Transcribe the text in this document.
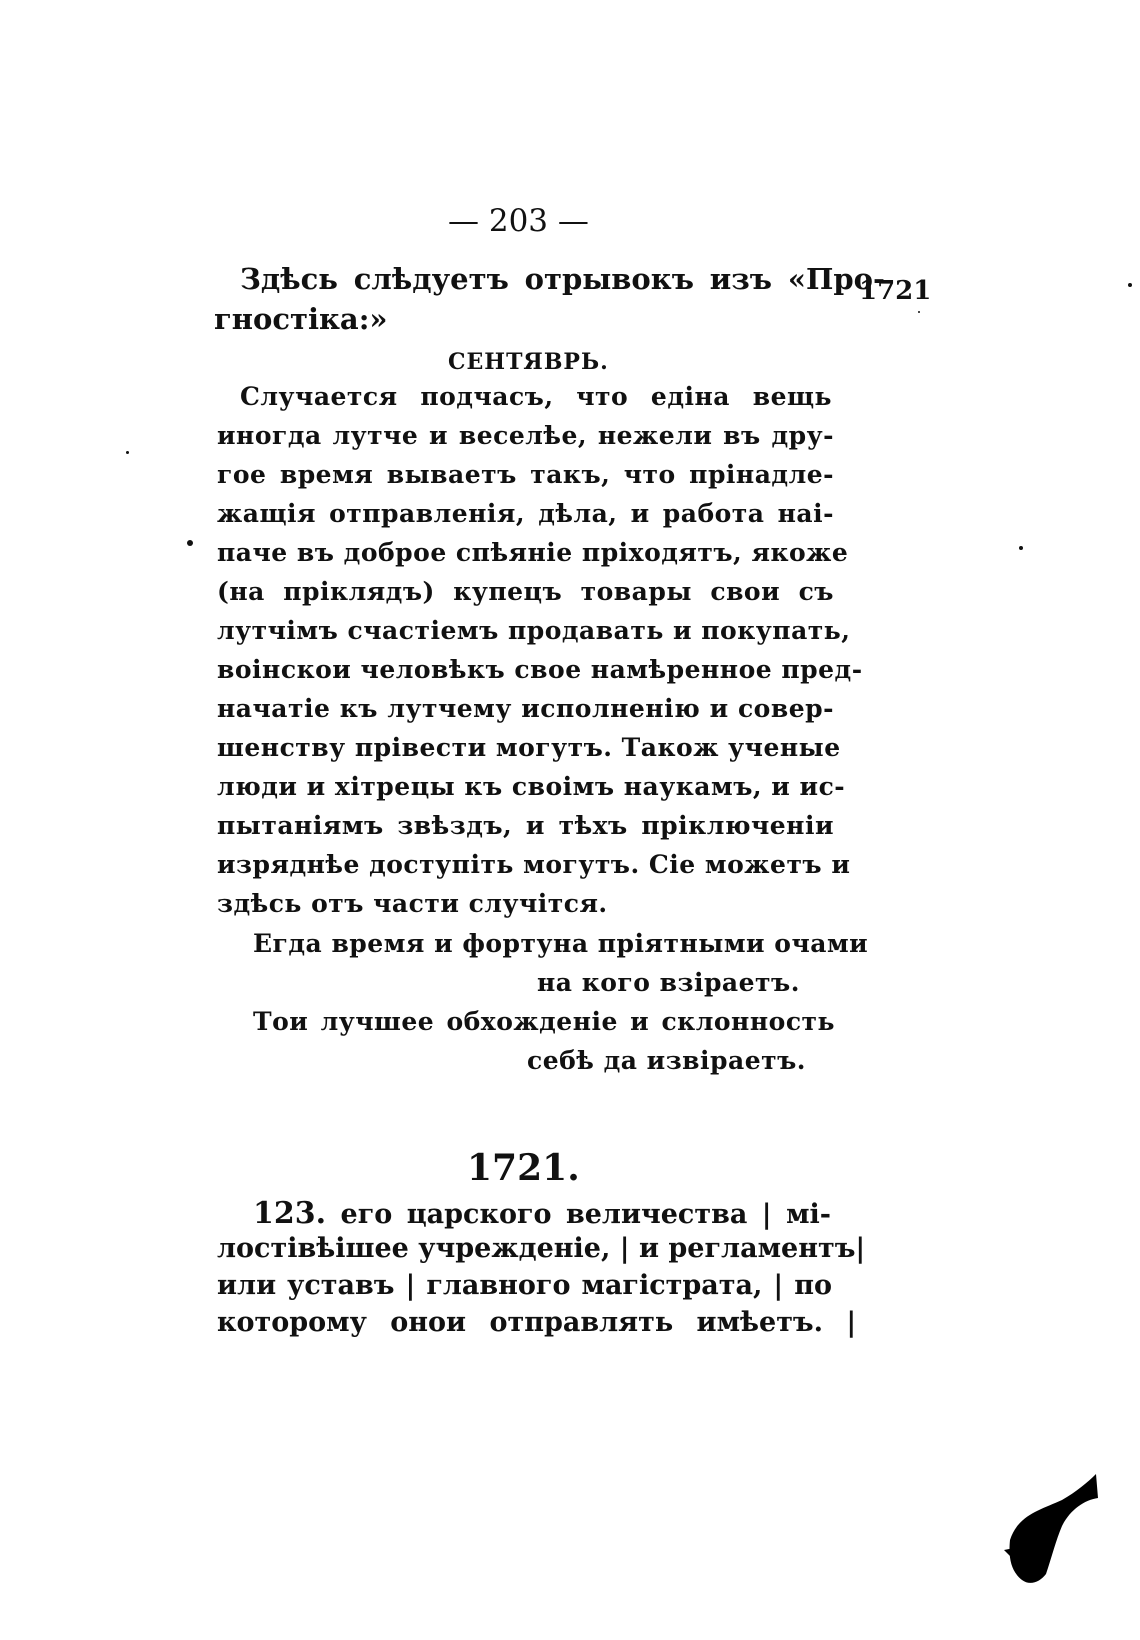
— 203 —
Здѣсь слѣдуетъ отрывокъ изъ «Про-
1721
гностіка:»
СЕНТЯВРЬ.
Случается подчасъ, что едіна вещь
иногда лутче и веселѣе, нежели въ дру-
гое время вываетъ такъ, что прінадле-
жащія отправленія, дѣла, и работа наі-
паче въ доброе спѣяніе пріходятъ, якоже
(на пріклядъ) купецъ товары свои съ
лутчімъ счастіемъ продавать и покупать,
воінскои человѣкъ свое намѣренное пред-
начатіе къ лутчему исполненію и совер-
шенству прівести могутъ. Також ученые
люди и хітрецы къ своімъ наукамъ, и ис-
пытаніямъ звѣздъ, и тѣхъ пріключеніи
изряднѣе доступіть могутъ. Сіе можетъ и
здѣсь отъ части случітся.
Егда время и фортуна пріятными очами
на кого взіраетъ.
Тои лучшее обхожденіе и склонность
себѣ да извіраетъ.
1721.
123. его царского величества | мі-
лостівѣішее учрежденіе, | и регламентъ|
или уставъ | главного магістрата, | по
которому онои отправлять имѣетъ. |
